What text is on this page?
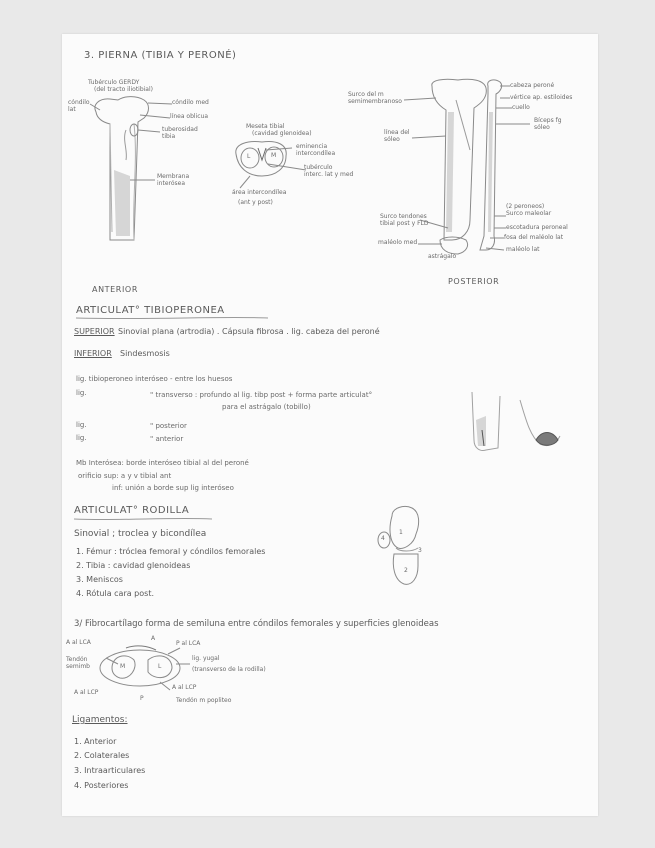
3. PIERNA (TIBIA Y PERONÉ)
Tubérculo GERDY
(del tracto iliotibial)
cóndilo
lat
cóndilo med
línea oblicua
tuberosidad
tibia
Membrana
interósea
ANTERIOR
Meseta tibial
(cavidad glenoidea)
eminencia
intercondílea
tubérculo
interc. lat y med
área intercondílea
(ant y post)
L	M
Surco del m
semimembranoso
línea del
sóleo
Surco tendones
tibial post y FLD
maléolo med
astrágalo
cabeza peroné
vértice ap. estiloides
cuello
Bíceps fg
sóleo
(2 peroneos)
Surco maleolar
escotadura peroneal
fosa del maléolo lat
maléolo lat
POSTERIOR
ARTICULAT° TIBIOPERONEA
SUPERIOR Sinovial plana (artrodia) . Cápsula fibrosa . lig. cabeza del peroné
INFERIOR Sindesmosis
lig. tibioperoneo interóseo - entre los huesos
lig.	" transverso : profundo al lig. tibp post + forma parte articulat°
para el astrágalo (tobillo)
lig.	" posterior
lig.	" anterior
Mb Interósea: borde interóseo tibial al del peroné
orificio sup: a y v tibial ant
inf: unión a borde sup lig interóseo
ARTICULAT° RODILLA
Sinovial ; troclea y bicondílea
1. Fémur : tróclea femoral y cóndilos femorales
2. Tibia : cavidad glenoideas
3. Meniscos
4. Rótula cara post.
1
2
3
4
3/ Fibrocartílago forma de semiluna entre cóndilos femorales y superficies glenoideas
A al LCA	P al LCA
Tendón
semimb
lig. yugal
(transverso de la rodilla)
A al LCP
A al LCP
Tendón m popliteo
M	L
A
P
Ligamentos:
1. Anterior
2. Colaterales
3. Intraarticulares
4. Posteriores
